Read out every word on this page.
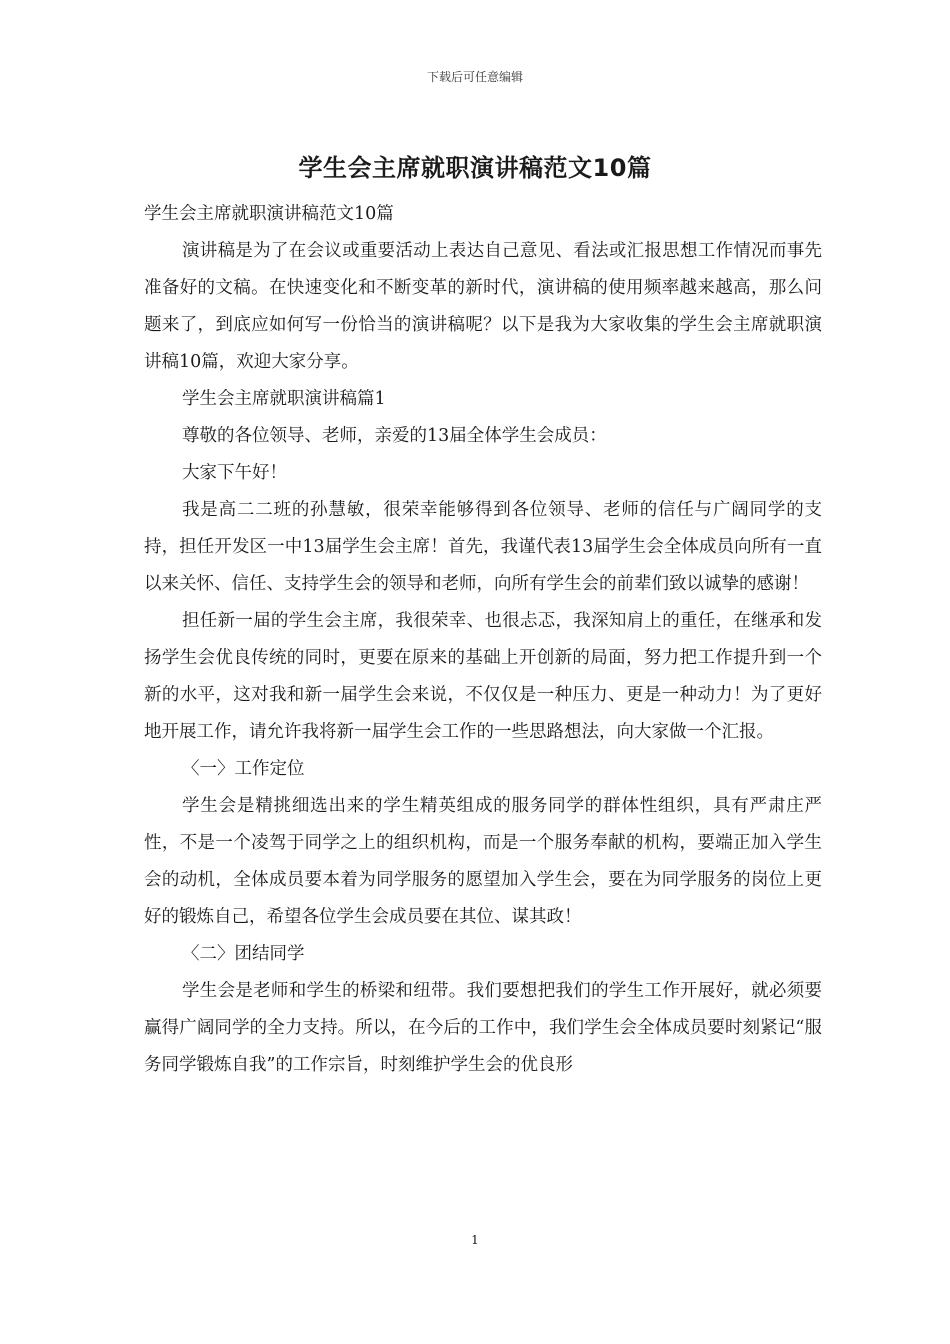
下载后可任意编辑
学生会主席就职演讲稿范文10篇

学生会主席就职演讲稿范文10篇

演讲稿是为了在会议或重要活动上表达自己意见、看法或汇报思想工作情况而事先准备好的文稿。在快速变化和不断变革的新时代，演讲稿的使用频率越来越高，那么问题来了，到底应如何写一份恰当的演讲稿呢？以下是我为大家收集的学生会主席就职演讲稿10篇，欢迎大家分享。

学生会主席就职演讲稿篇1

尊敬的各位领导、老师，亲爱的13届全体学生会成员：

大家下午好！

我是高二二班的孙慧敏，很荣幸能够得到各位领导、老师的信任与广阔同学的支持，担任开发区一中13届学生会主席！首先，我谨代表13届学生会全体成员向所有一直以来关怀、信任、支持学生会的领导和老师，向所有学生会的前辈们致以诚挚的感谢！

担任新一届的学生会主席，我很荣幸、也很忐忑，我深知肩上的重任，在继承和发扬学生会优良传统的同时，更要在原来的基础上开创新的局面，努力把工作提升到一个新的水平，这对我和新一届学生会来说，不仅仅是一种压力、更是一种动力！为了更好地开展工作，请允许我将新一届学生会工作的一些思路想法，向大家做一个汇报。

〈一〉工作定位

学生会是精挑细选出来的学生精英组成的服务同学的群体性组织，具有严肃庄严性，不是一个凌驾于同学之上的组织机构，而是一个服务奉献的机构，要端正加入学生会的动机，全体成员要本着为同学服务的愿望加入学生会，要在为同学服务的岗位上更好的锻炼自己，希望各位学生会成员要在其位、谋其政！

〈二〉团结同学

学生会是老师和学生的桥梁和纽带。我们要想把我们的学生工作开展好，就必须要赢得广阔同学的全力支持。所以，在今后的工作中，我们学生会全体成员要时刻紧记“服务同学锻炼自我”的工作宗旨，时刻维护学生会的优良形

1
